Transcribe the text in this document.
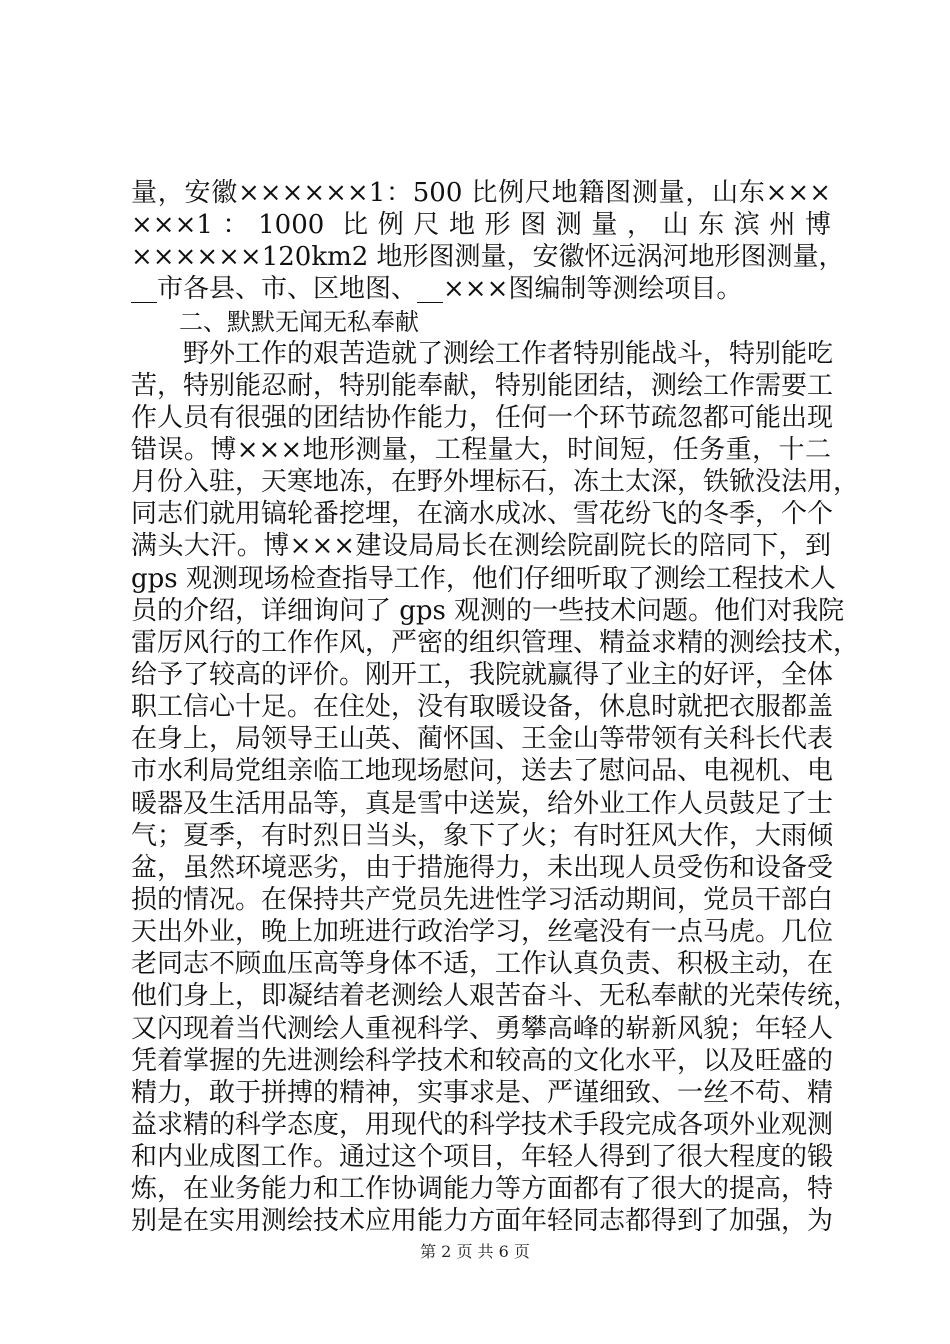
量，安徽××××××1：500 比例尺地籍图测量，山东×××
×××1：1000 比例尺地形图测量，山东滨州博
××××××120km2 地形图测量，安徽怀远涡河地形图测量，
__市各县、市、区地图、__×××图编制等测绘项目。
　　二、默默无闻无私奉献
　　野外工作的艰苦造就了测绘工作者特别能战斗，特别能吃
苦，特别能忍耐，特别能奉献，特别能团结，测绘工作需要工
作人员有很强的团结协作能力，任何一个环节疏忽都可能出现
错误。博×××地形测量，工程量大，时间短，任务重，十二
月份入驻，天寒地冻，在野外埋标石，冻土太深，铁锨没法用，
同志们就用镐轮番挖埋，在滴水成冰、雪花纷飞的冬季，个个
满头大汗。博×××建设局局长在测绘院副院长的陪同下，到
gps 观测现场检查指导工作，他们仔细听取了测绘工程技术人
员的介绍，详细询问了 gps 观测的一些技术问题。他们对我院
雷厉风行的工作作风，严密的组织管理、精益求精的测绘技术，
给予了较高的评价。刚开工，我院就赢得了业主的好评，全体
职工信心十足。在住处，没有取暖设备，休息时就把衣服都盖
在身上，局领导王山英、蔺怀国、王金山等带领有关科长代表
市水利局党组亲临工地现场慰问，送去了慰问品、电视机、电
暖器及生活用品等，真是雪中送炭，给外业工作人员鼓足了士
气；夏季，有时烈日当头，象下了火；有时狂风大作，大雨倾
盆，虽然环境恶劣，由于措施得力，未出现人员受伤和设备受
损的情况。在保持共产党员先进性学习活动期间，党员干部白
天出外业，晚上加班进行政治学习，丝毫没有一点马虎。几位
老同志不顾血压高等身体不适，工作认真负责、积极主动，在
他们身上，即凝结着老测绘人艰苦奋斗、无私奉献的光荣传统，
又闪现着当代测绘人重视科学、勇攀高峰的崭新风貌；年轻人
凭着掌握的先进测绘科学技术和较高的文化水平，以及旺盛的
精力，敢于拼搏的精神，实事求是、严谨细致、一丝不苟、精
益求精的科学态度，用现代的科学技术手段完成各项外业观测
和内业成图工作。通过这个项目，年轻人得到了很大程度的锻
炼，在业务能力和工作协调能力等方面都有了很大的提高，特
别是在实用测绘技术应用能力方面年轻同志都得到了加强，为
第 2 页 共 6 页
